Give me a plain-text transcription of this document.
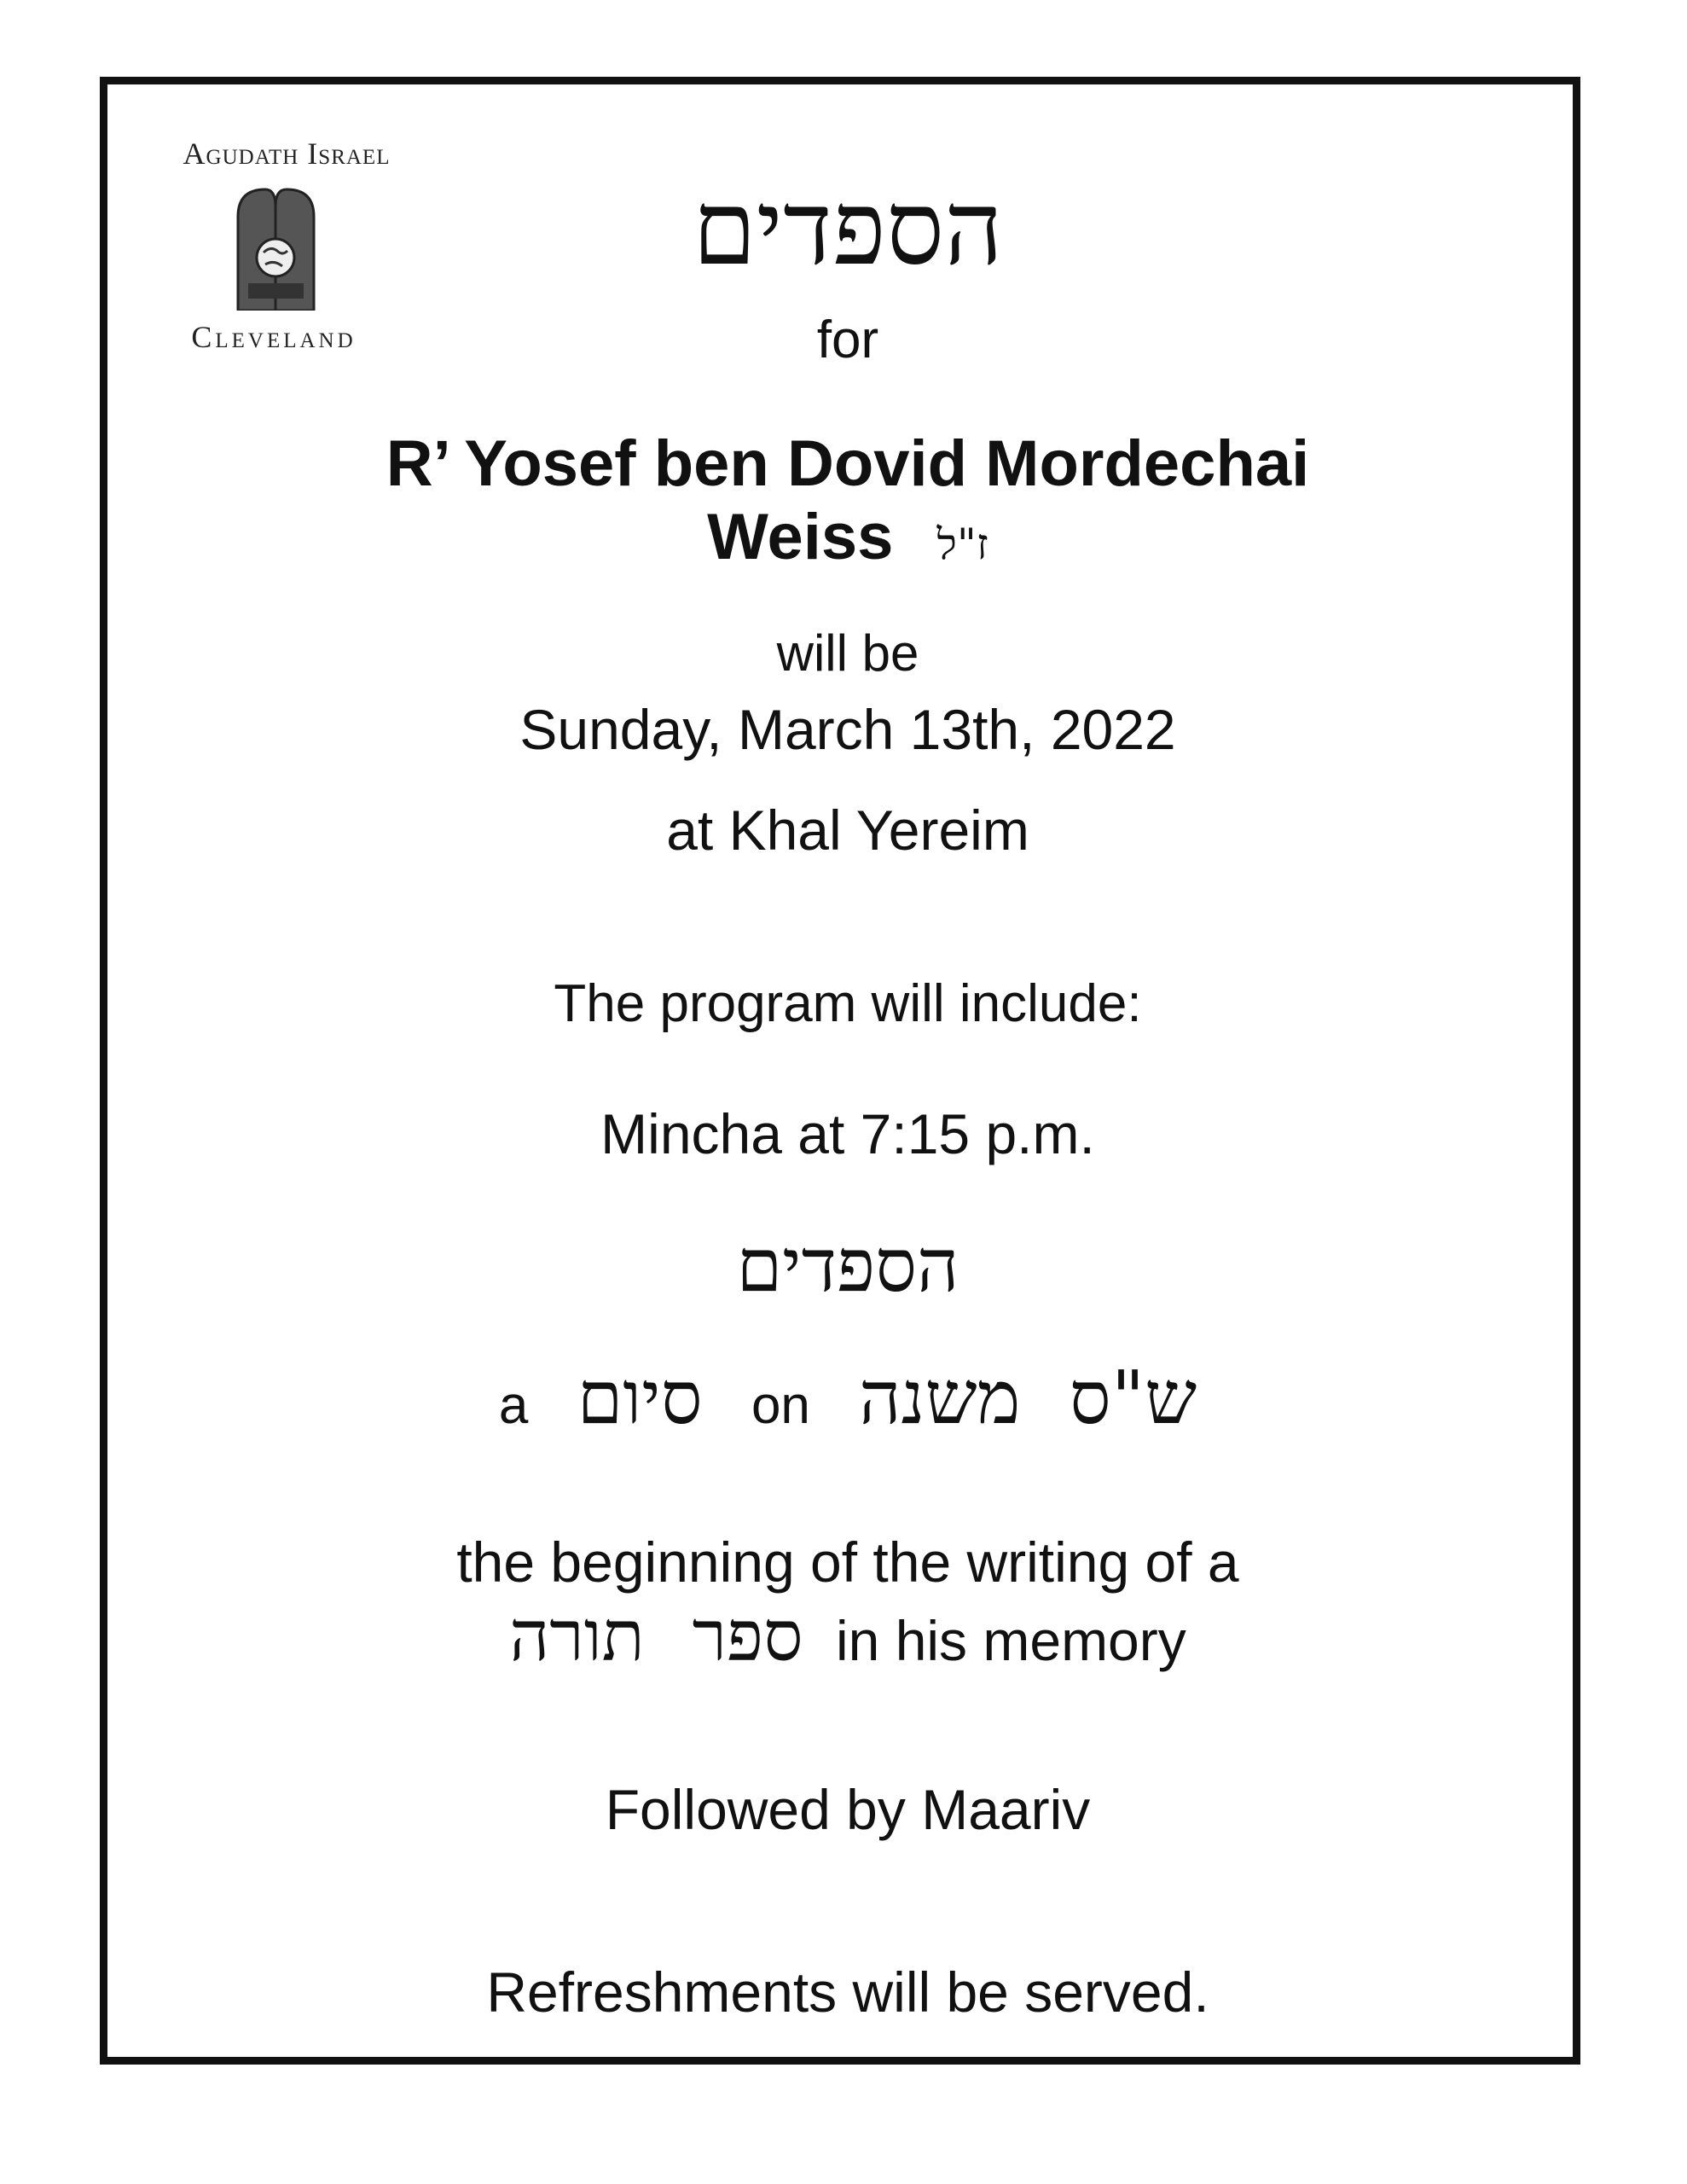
Agudath Israel
Cleveland
הספדים
for
R’ Yosef ben Dovid Mordechai
Weiss ז"ל
will be
Sunday, March 13th, 2022
at Khal Yereim
The program will include:
Mincha at 7:15 p.m.
הספדים
a סיום on ש"ס משנה
the beginning of the writing of a
ספר תורה in his memory
Followed by Maariv
Refreshments will be served.
